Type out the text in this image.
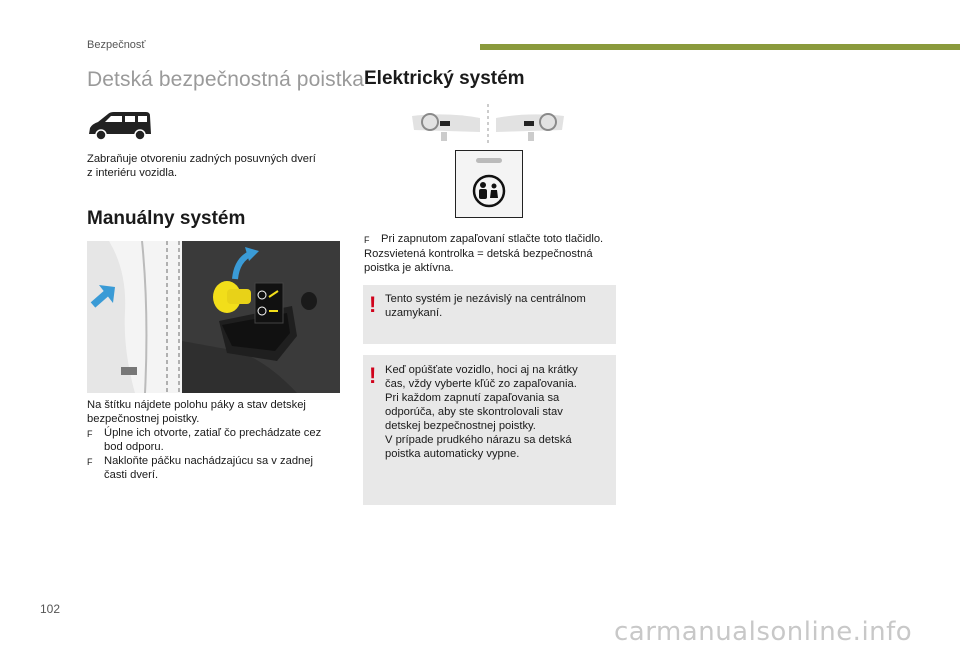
Bezpečnosť
Detská bezpečnostná poistka
Zabraňuje otvoreniu zadných posuvných dverí
z interiéru vozidla.
Manuálny systém
Na štítku nájdete polohu páky a stav detskej
bezpečnostnej poistky.
F	Úplne ich otvorte, zatiaľ čo prechádzate cez
bod odporu.
F	Nakloňte páčku nachádzajúcu sa v zadnej
časti dverí.
Elektrický systém
F	Pri zapnutom zapaľovaní stlačte toto tlačidlo.
Rozsvietená kontrolka = detská bezpečnostná
poistka je aktívna.
! Tento systém je nezávislý na centrálnom
uzamykaní.
! Keď opúšťate vozidlo, hoci aj na krátky
čas, vždy vyberte kľúč zo zapaľovania.
Pri každom zapnutí zapaľovania sa
odporúča, aby ste skontrolovali stav
detskej bezpečnostnej poistky.
V prípade prudkého nárazu sa detská
poistka automaticky vypne.
102
carmanualsonline.info
